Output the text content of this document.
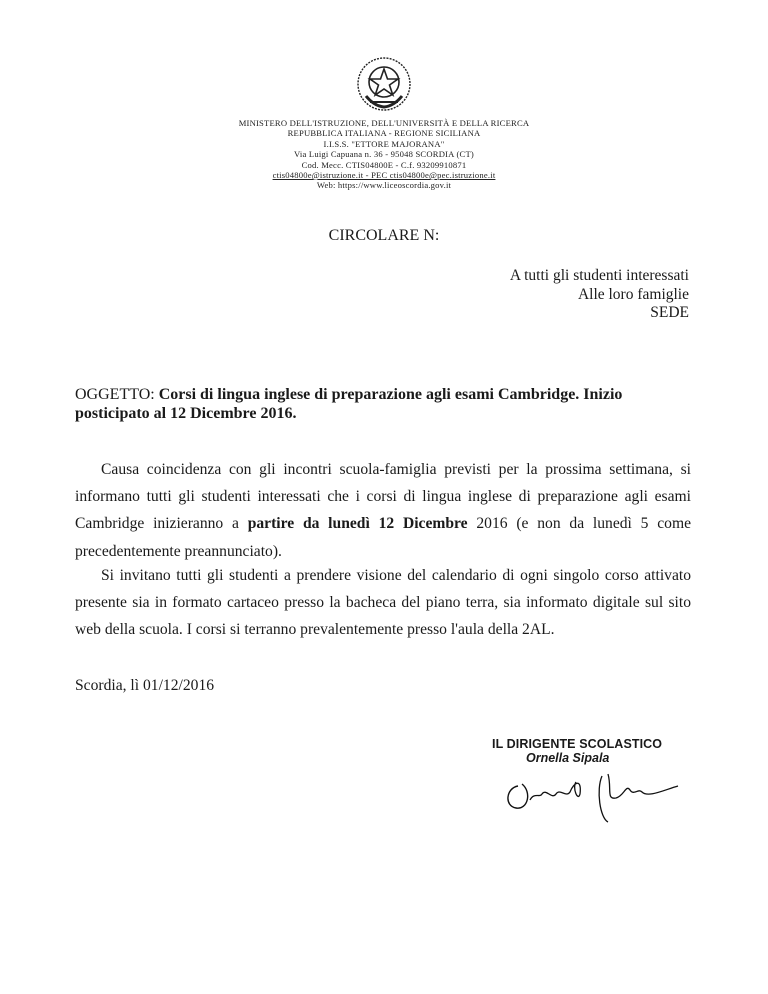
MINISTERO DELL'ISTRUZIONE, DELL'UNIVERSITÀ E DELLA RICERCA
REPUBBLICA ITALIANA - REGIONE SICILIANA
I.I.S.S. "ETTORE MAJORANA"
Via Luigi Capuana n. 36 - 95048 SCORDIA (CT)
Cod. Mecc. CTIS04800E - C.f. 93209910871
ctis04800e@istruzione.it - PEC ctis04800e@pec.istruzione.it
Web: https://www.liceoscordia.gov.it
CIRCOLARE N:
A tutti gli studenti interessati
Alle loro famiglie
SEDE
OGGETTO: Corsi di lingua inglese di preparazione agli esami Cambridge. Inizio posticipato al 12 Dicembre 2016.
Causa coincidenza con gli incontri scuola-famiglia previsti per la prossima settimana, si informano tutti gli studenti interessati che i corsi di lingua inglese di preparazione agli esami Cambridge inizieranno a partire da lunedì 12 Dicembre 2016 (e non da lunedì 5 come precedentemente preannunciato).
Si invitano tutti gli studenti a prendere visione del calendario di ogni singolo corso attivato presente sia in formato cartaceo presso la bacheca del piano terra, sia informato digitale sul sito web della scuola. I corsi si terranno prevalentemente presso l'aula della 2AL.
Scordia, lì 01/12/2016
IL DIRIGENTE SCOLASTICO
Ornella Sipala
